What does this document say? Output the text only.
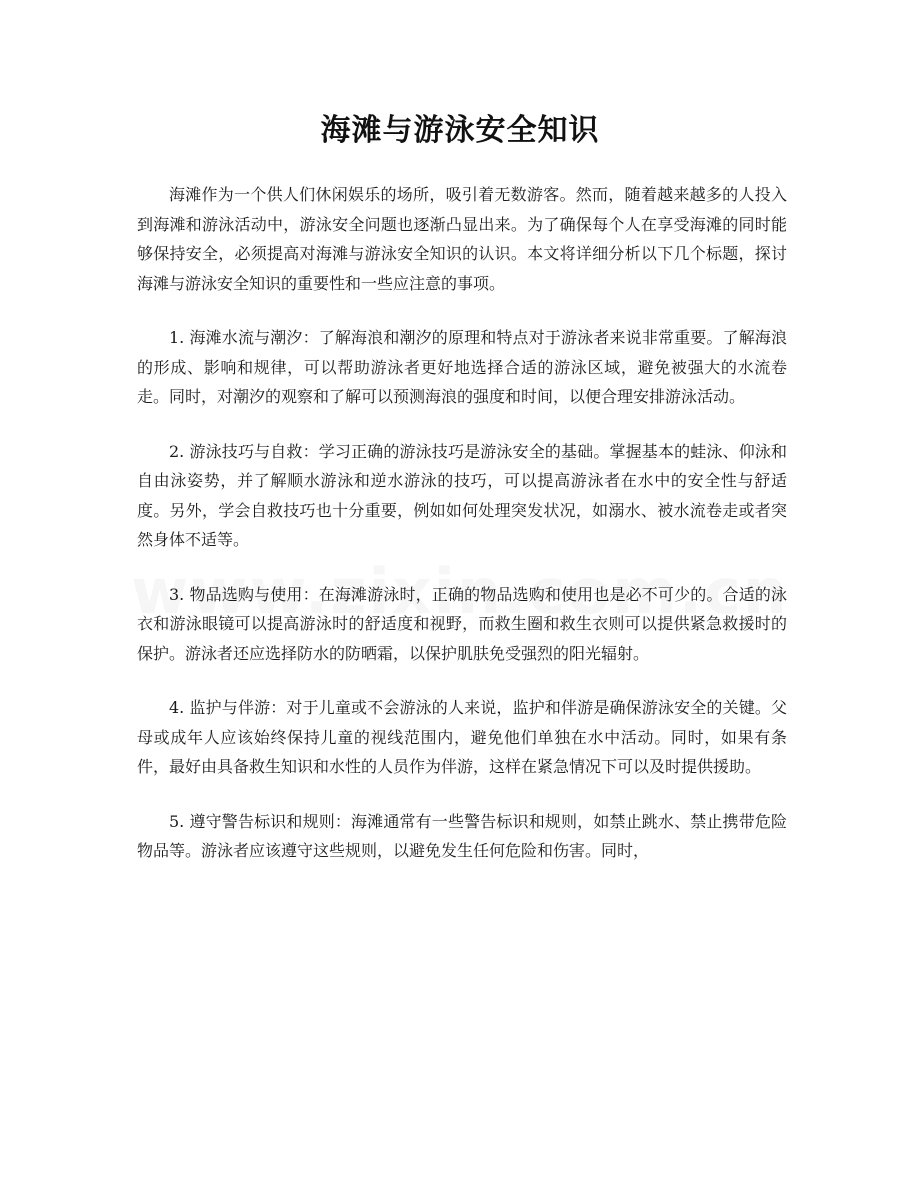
海滩与游泳安全知识

海滩作为一个供人们休闲娱乐的场所，吸引着无数游客。然而，随着越来越多的人投入到海滩和游泳活动中，游泳安全问题也逐渐凸显出来。为了确保每个人在享受海滩的同时能够保持安全，必须提高对海滩与游泳安全知识的认识。本文将详细分析以下几个标题，探讨海滩与游泳安全知识的重要性和一些应注意的事项。

1. 海滩水流与潮汐：了解海浪和潮汐的原理和特点对于游泳者来说非常重要。了解海浪的形成、影响和规律，可以帮助游泳者更好地选择合适的游泳区域，避免被强大的水流卷走。同时，对潮汐的观察和了解可以预测海浪的强度和时间，以便合理安排游泳活动。

2. 游泳技巧与自救：学习正确的游泳技巧是游泳安全的基础。掌握基本的蛙泳、仰泳和自由泳姿势，并了解顺水游泳和逆水游泳的技巧，可以提高游泳者在水中的安全性与舒适度。另外，学会自救技巧也十分重要，例如如何处理突发状况，如溺水、被水流卷走或者突然身体不适等。

3. 物品选购与使用：在海滩游泳时，正确的物品选购和使用也是必不可少的。合适的泳衣和游泳眼镜可以提高游泳时的舒适度和视野，而救生圈和救生衣则可以提供紧急救援时的保护。游泳者还应选择防水的防晒霜，以保护肌肤免受强烈的阳光辐射。

4. 监护与伴游：对于儿童或不会游泳的人来说，监护和伴游是确保游泳安全的关键。父母或成年人应该始终保持儿童的视线范围内，避免他们单独在水中活动。同时，如果有条件，最好由具备救生知识和水性的人员作为伴游，这样在紧急情况下可以及时提供援助。

5. 遵守警告标识和规则：海滩通常有一些警告标识和规则，如禁止跳水、禁止携带危险物品等。游泳者应该遵守这些规则，以避免发生任何危险和伤害。同时，
